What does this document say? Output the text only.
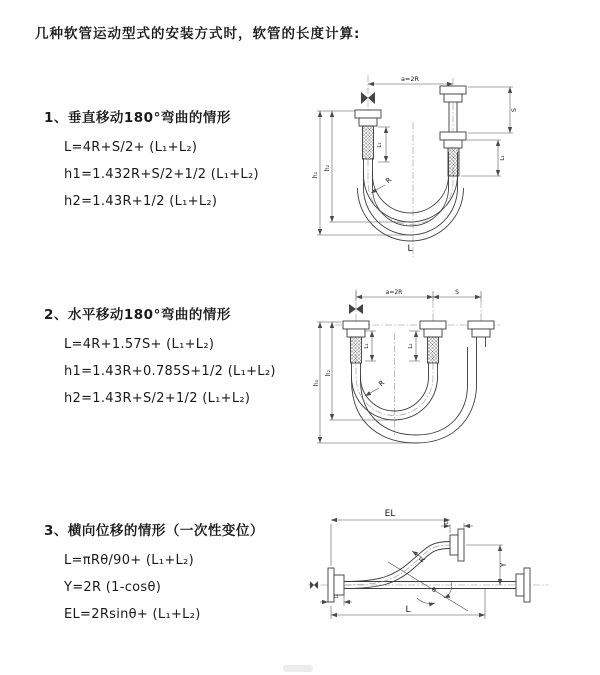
几种软管运动型式的安装方式时，软管的长度计算:
1、垂直移动180°弯曲的情形
L=4R+S/2+ (L₁+L₂)
h1=1.432R+S/2+1/2 (L₁+L₂)
h2=1.43R+1/2 (L₁+L₂)
2、水平移动180°弯曲的情形
L=4R+1.57S+ (L₁+L₂)
h1=1.43R+0.785S+1/2 (L₁+L₂)
h2=1.43R+S/2+1/2 (L₁+L₂)
3、横向位移的情形（一次性变位）
L=πRθ/90+ (L₁+L₂)
Y=2R (1-cosθ)
EL=2Rsinθ+ (L₁+L₂)
a=2R
h₁
h₂
L₁
S
L₂
R
L
a=2R	S
h₁
h₂
L₁	L₂
R
EL
L₂
Y
R
θ
L₁
L
